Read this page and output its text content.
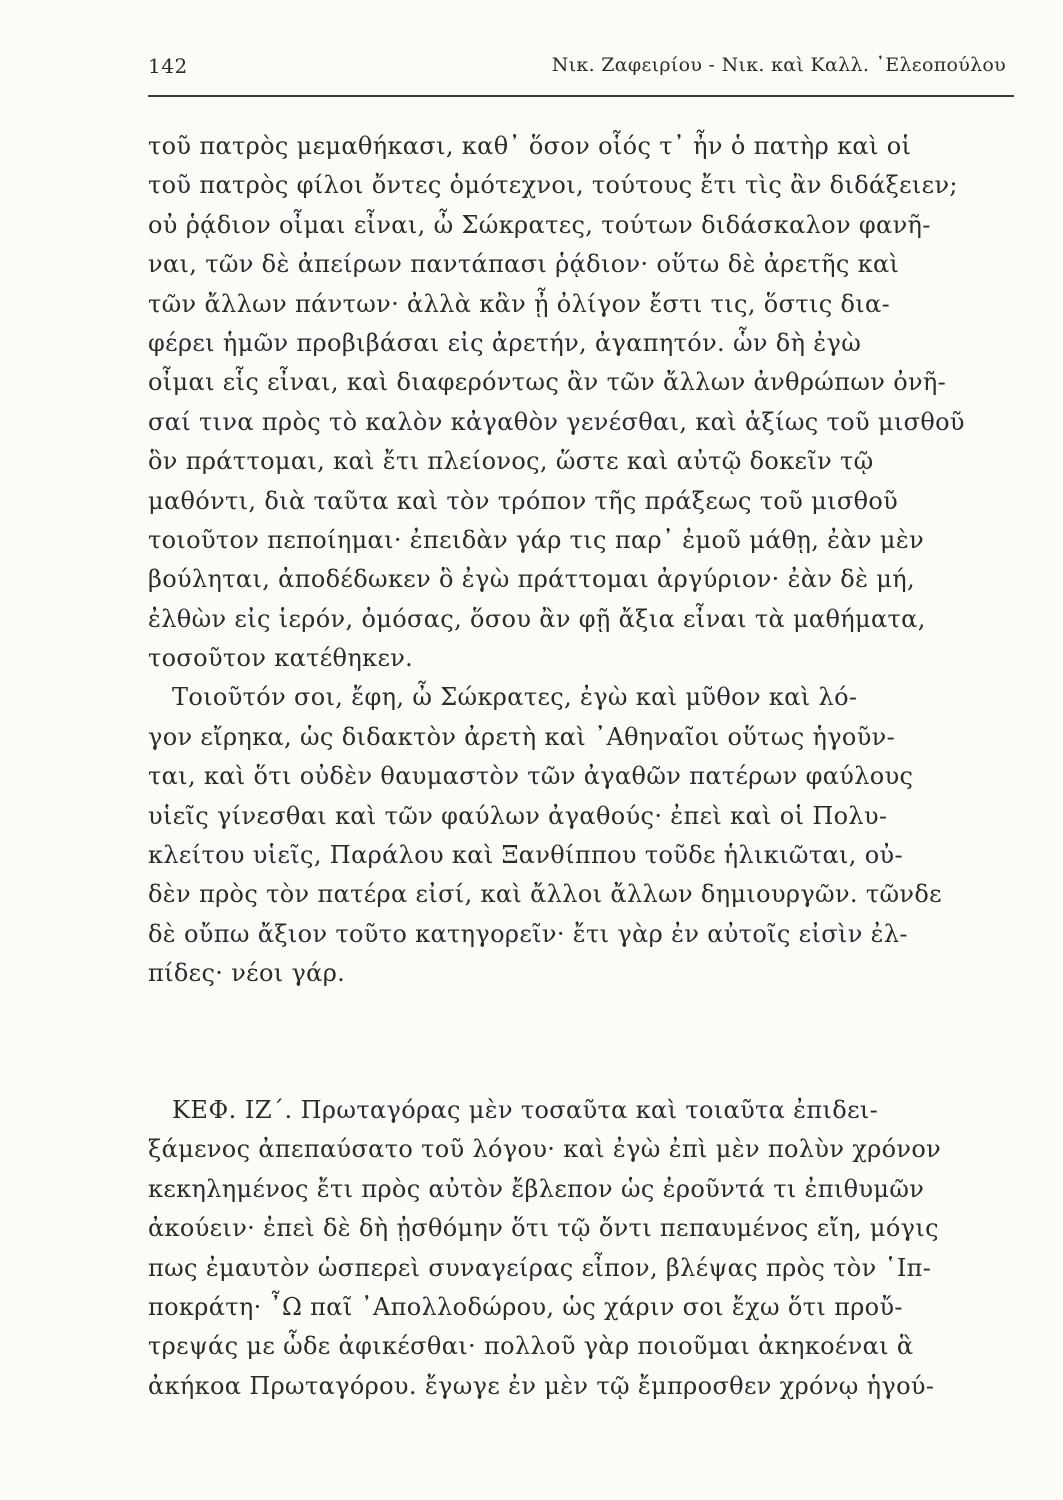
142	Νικ. Ζαφειρίου - Νικ. καὶ Καλλ. ᾿Ελεοπούλου
τοῦ πατρὸς μεμαθήκασι, καθ᾿ ὅσον οἷός τ᾿ ἦν ὁ πατὴρ καὶ οἱ
τοῦ πατρὸς φίλοι ὄντες ὁμότεχνοι, τούτους ἔτι τὶς ἂν διδάξειεν;
οὐ ῥᾴδιον οἶμαι εἶναι, ὦ Σώκρατες, τούτων διδάσκαλον φανῆ-
ναι, τῶν δὲ ἀπείρων παντάπασι ῥᾴδιον· οὕτω δὲ ἀρετῆς καὶ
τῶν ἄλλων πάντων· ἀλλὰ κἂν ᾖ ὀλίγον ἔστι τις, ὅστις δια-
φέρει ἡμῶν προβιβάσαι εἰς ἀρετήν, ἀγαπητόν. ὧν δὴ ἐγὼ
οἶμαι εἷς εἶναι, καὶ διαφερόντως ἂν τῶν ἄλλων ἀνθρώπων ὀνῆ-
σαί τινα πρὸς τὸ καλὸν κἀγαθὸν γενέσθαι, καὶ ἀξίως τοῦ μισθοῦ
ὃν πράττομαι, καὶ ἔτι πλείονος, ὥστε καὶ αὐτῷ δοκεῖν τῷ
μαθόντι, διὰ ταῦτα καὶ τὸν τρόπον τῆς πράξεως τοῦ μισθοῦ
τοιοῦτον πεποίημαι· ἐπειδὰν γάρ τις παρ᾿ ἐμοῦ μάθῃ, ἐὰν μὲν
βούληται, ἀποδέδωκεν ὃ ἐγὼ πράττομαι ἀργύριον· ἐὰν δὲ μή,
ἐλθὼν εἰς ἱερόν, ὀμόσας, ὅσου ἂν φῇ ἄξια εἶναι τὰ μαθήματα,
τοσοῦτον κατέθηκεν.
Τοιοῦτόν σοι, ἔφη, ὦ Σώκρατες, ἐγὼ καὶ μῦθον καὶ λό-
γον εἴρηκα, ὡς διδακτὸν ἀρετὴ καὶ ᾿Αθηναῖοι οὕτως ἡγοῦν-
ται, καὶ ὅτι οὐδὲν θαυμαστὸν τῶν ἀγαθῶν πατέρων φαύλους
υἱεῖς γίνεσθαι καὶ τῶν φαύλων ἀγαθούς· ἐπεὶ καὶ οἱ Πολυ-
κλείτου υἱεῖς, Παράλου καὶ Ξανθίππου τοῦδε ἡλικιῶται, οὐ-
δὲν πρὸς τὸν πατέρα εἰσί, καὶ ἄλλοι ἄλλων δημιουργῶν. τῶνδε
δὲ οὔπω ἄξιον τοῦτο κατηγορεῖν· ἔτι γὰρ ἐν αὐτοῖς εἰσὶν ἐλ-
πίδες· νέοι γάρ.
ΚΕΦ. ΙΖ΄. Πρωταγόρας μὲν τοσαῦτα καὶ τοιαῦτα ἐπιδει-
ξάμενος ἀπεπαύσατο τοῦ λόγου· καὶ ἐγὼ ἐπὶ μὲν πολὺν χρόνον
κεκηλημένος ἔτι πρὸς αὐτὸν ἔβλεπον ὡς ἐροῦντά τι ἐπιθυμῶν
ἀκούειν· ἐπεὶ δὲ δὴ ᾐσθόμην ὅτι τῷ ὄντι πεπαυμένος εἴη, μόγις
πως ἐμαυτὸν ὡσπερεὶ συναγείρας εἶπον, βλέψας πρὸς τὸν ῾Ιπ-
ποκράτη· ῏Ω παῖ ᾿Απολλοδώρου, ὡς χάριν σοι ἔχω ὅτι προὔ-
τρεψάς με ὧδε ἀφικέσθαι· πολλοῦ γὰρ ποιοῦμαι ἀκηκοέναι ἃ
ἀκήκοα Πρωταγόρου. ἔγωγε ἐν μὲν τῷ ἔμπροσθεν χρόνῳ ἡγού-
